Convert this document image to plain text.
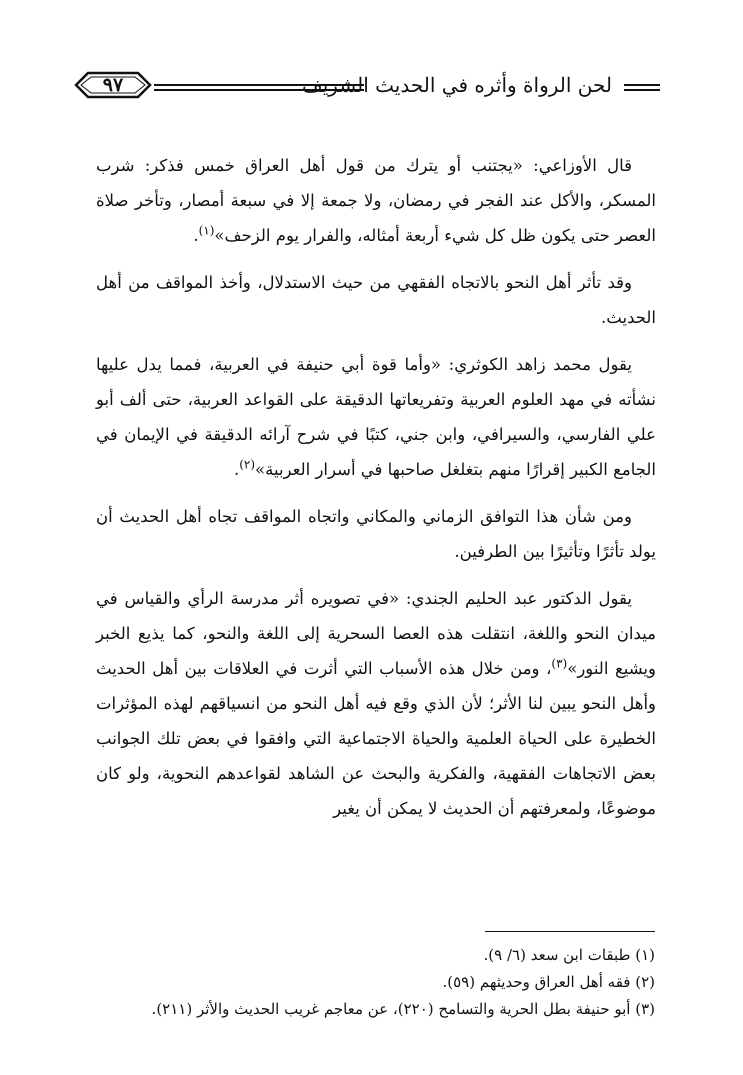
لحن الرواة وأثره في الحديث الشريف
٩٧

قال الأوزاعي: «يجتنب أو يترك من قول أهل العراق خمس فذكر: شرب المسكر، والأكل عند الفجر في رمضان، ولا جمعة إلا في سبعة أمصار، وتأخر صلاة العصر حتى يكون ظل كل شيء أربعة أمثاله، والفرار يوم الزحف»$^{(١)}$.

وقد تأثر أهل النحو بالاتجاه الفقهي من حيث الاستدلال، وأخذ المواقف من أهل الحديث.

يقول محمد زاهد الكوثري: «وأما قوة أبي حنيفة في العربية، فمما يدل عليها نشأته في مهد العلوم العربية وتفريعاتها الدقيقة على القواعد العربية، حتى ألف أبو علي الفارسي، والسيرافي، وابن جني، كتبًا في شرح آرائه الدقيقة في الإيمان في الجامع الكبير إقرارًا منهم بتغلغل صاحبها في أسرار العربية»$^{(٢)}$.

ومن شأن هذا التوافق الزماني والمكاني واتجاه المواقف تجاه أهل الحديث أن يولد تأثرًا وتأثيرًا بين الطرفين.

يقول الدكتور عبد الحليم الجندي: «في تصويره أثر مدرسة الرأي والقياس في ميدان النحو واللغة، انتقلت هذه العصا السحرية إلى اللغة والنحو، كما يذيع الخبر ويشيع النور»$^{(٣)}$، ومن خلال هذه الأسباب التي أثرت في العلاقات بين أهل الحديث وأهل النحو يبين لنا الأثر؛ لأن الذي وقع فيه أهل النحو من انسياقهم لهذه المؤثرات الخطيرة على الحياة العلمية والحياة الاجتماعية التي وافقوا في بعض تلك الجوانب بعض الاتجاهات الفقهية، والفكرية والبحث عن الشاهد لقواعدهم النحوية، ولو كان موضوعًا، ولمعرفتهم أن الحديث لا يمكن أن يغير

(١) طبقات ابن سعد (٦/ ٩).
(٢) فقه أهل العراق وحديثهم (٥٩).
(٣) أبو حنيفة بطل الحرية والتسامح (٢٢٠)، عن معاجم غريب الحديث والأثر (٢١١).
